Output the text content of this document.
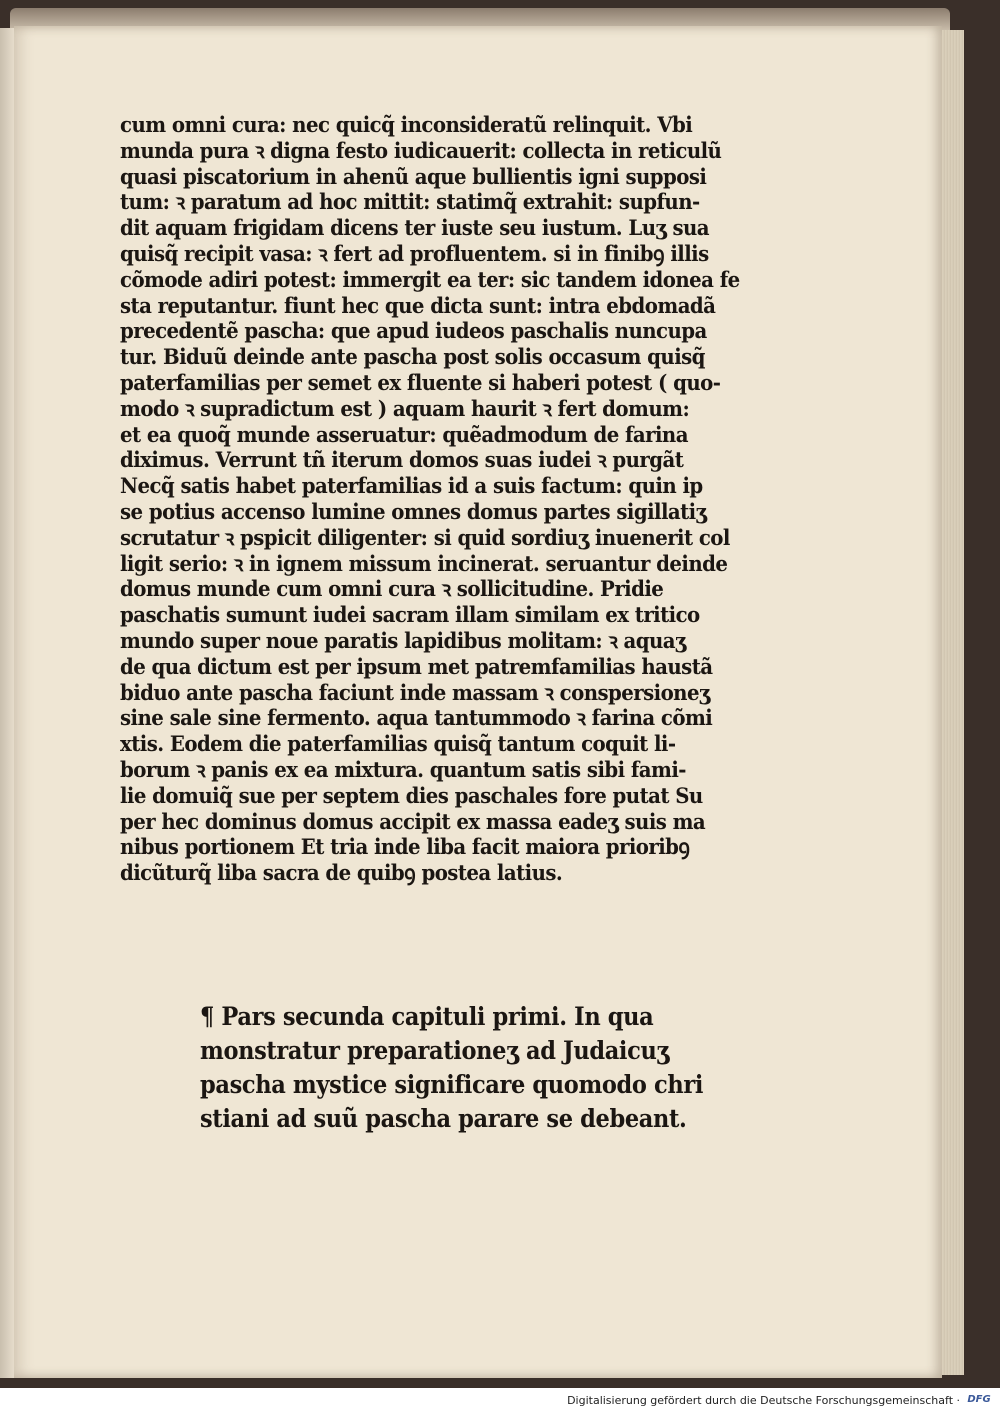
cum omni cura: nec quicq̃ inconsideratũ relinquit. Vbi
munda pura ꝛ digna festo iudicauerit: collecta in reticulũ
quasi piscatorium in ahenũ aque bullientis igni supposi
tum: ꝛ paratum ad hoc mittit: statimq̃ extrahit: supfun-
dit aquam frigidam dicens ter iuste seu iustum. Luʒ sua
quisq̃ recipit vasa: ꝛ fert ad profluentem. si in finibꝯ illis
cõmode adiri potest: immergit ea ter: sic tandem idonea fe
sta reputantur. fiunt hec que dicta sunt: intra ebdomadã
precedentẽ pascha: que apud iudeos paschalis nuncupa
tur. Biduũ deinde ante pascha post solis occasum quisq̃
paterfamilias per semet ex fluente si haberi potest ( quo-
modo ꝛ supradictum est ) aquam haurit ꝛ fert domum:
et ea quoq̃ munde asseruatur: quẽadmodum de farina
diximus. Verrunt tñ iterum domos suas iudei ꝛ purgãt
Necq̃ satis habet paterfamilias id a suis factum: quin ip
se potius accenso lumine omnes domus partes sigillatiʒ
scrutatur ꝛ pspicit diligenter: si quid sordiuʒ inuenerit col
ligit serio: ꝛ in ignem missum incinerat. seruantur deinde
domus munde cum omni cura ꝛ sollicitudine. Pridie
paschatis sumunt iudei sacram illam similam ex tritico
mundo super noue paratis lapidibus molitam: ꝛ aquaʒ
de qua dictum est per ipsum met patremfamilias haustã
biduo ante pascha faciunt inde massam ꝛ conspersioneʒ
sine sale sine fermento. aqua tantummodo ꝛ farina cõmi
xtis. Eodem die paterfamilias quisq̃ tantum coquit li-
borum ꝛ panis ex ea mixtura. quantum satis sibi fami-
lie domuiq̃ sue per septem dies paschales fore putat Su
per hec dominus domus accipit ex massa eadeʒ suis ma
nibus portionem Et tria inde liba facit maiora prioribꝯ
dicũturq̃ liba sacra de quibꝯ postea latius.
¶ Pars secunda capituli primi. In qua
monstratur preparationeʒ ad Judaicuʒ
pascha mystice significare quomodo chri
stiani ad suũ pascha parare se debeant.
Digitalisierung gefördert durch die Deutsche Forschungsgemeinschaft · DFG
